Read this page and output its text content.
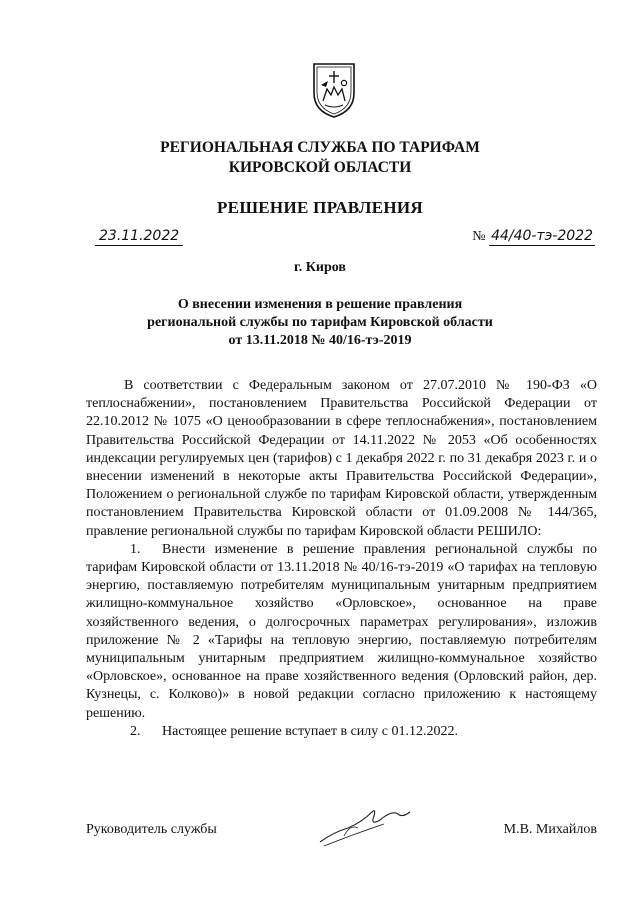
РЕГИОНАЛЬНАЯ СЛУЖБА ПО ТАРИФАМ
КИРОВСКОЙ ОБЛАСТИ
РЕШЕНИЕ ПРАВЛЕНИЯ
23.11.2022	№ 44/40-тэ-2022
г. Киров
О внесении изменения в решение правления
региональной службы по тарифам Кировской области
от 13.11.2018 № 40/16-тэ-2019

В соответствии с Федеральным законом от 27.07.2010 № 190-ФЗ «О теплоснабжении», постановлением Правительства Российской Федерации от 22.10.2012 № 1075 «О ценообразовании в сфере теплоснабжения», постановлением Правительства Российской Федерации от 14.11.2022 № 2053 «Об особенностях индексации регулируемых цен (тарифов) с 1 декабря 2022 г. по 31 декабря 2023 г. и о внесении изменений в некоторые акты Правительства Российской Федерации», Положением о региональной службе по тарифам Кировской области, утвержденным постановлением Правительства Кировской области от 01.09.2008 № 144/365, правление региональной службы по тарифам Кировской области РЕШИЛО:

1. Внести изменение в решение правления региональной службы по тарифам Кировской области от 13.11.2018 № 40/16-тэ-2019 «О тарифах на тепловую энергию, поставляемую потребителям муниципальным унитарным предприятием жилищно-коммунальное хозяйство «Орловское», основанное на праве хозяйственного ведения, о долгосрочных параметрах регулирования», изложив приложение № 2 «Тарифы на тепловую энергию, поставляемую потребителям муниципальным унитарным предприятием жилищно-коммунальное хозяйство «Орловское», основанное на праве хозяйственного ведения (Орловский район, дер. Кузнецы, с. Колково)» в новой редакции согласно приложению к настоящему решению.

2. Настоящее решение вступает в силу с 01.12.2022.

Руководитель службы	М.В. Михайлов
